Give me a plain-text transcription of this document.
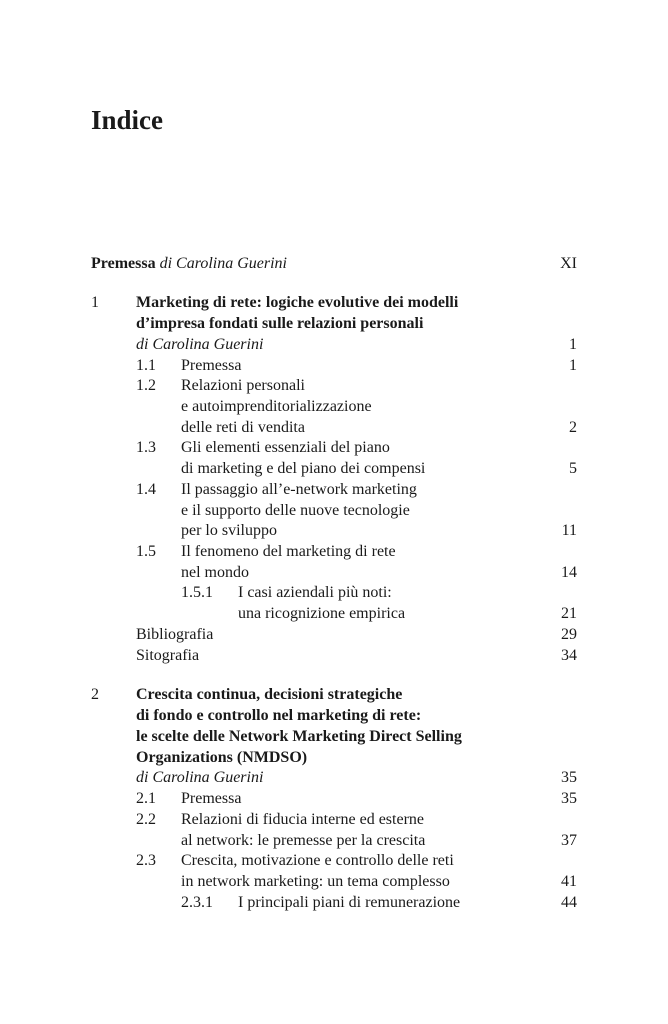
Indice
Premessa di Carolina Guerini	XI
1 Marketing di rete: logiche evolutive dei modelli
d’impresa fondati sulle relazioni personali
di Carolina Guerini	1
1.1 Premessa	1
1.2 Relazioni personali
e autoimprenditorializzazione
delle reti di vendita	2
1.3 Gli elementi essenziali del piano
di marketing e del piano dei compensi	5
1.4 Il passaggio all’e-network marketing
e il supporto delle nuove tecnologie
per lo sviluppo	11
1.5 Il fenomeno del marketing di rete
nel mondo	14
1.5.1 I casi aziendali più noti:
una ricognizione empirica	21
Bibliografia	29
Sitografia	34
2 Crescita continua, decisioni strategiche
di fondo e controllo nel marketing di rete:
le scelte delle Network Marketing Direct Selling
Organizations (NMDSO)
di Carolina Guerini	35
2.1 Premessa	35
2.2 Relazioni di fiducia interne ed esterne
al network: le premesse per la crescita	37
2.3 Crescita, motivazione e controllo delle reti
in network marketing: un tema complesso	41
2.3.1 I principali piani di remunerazione	44
